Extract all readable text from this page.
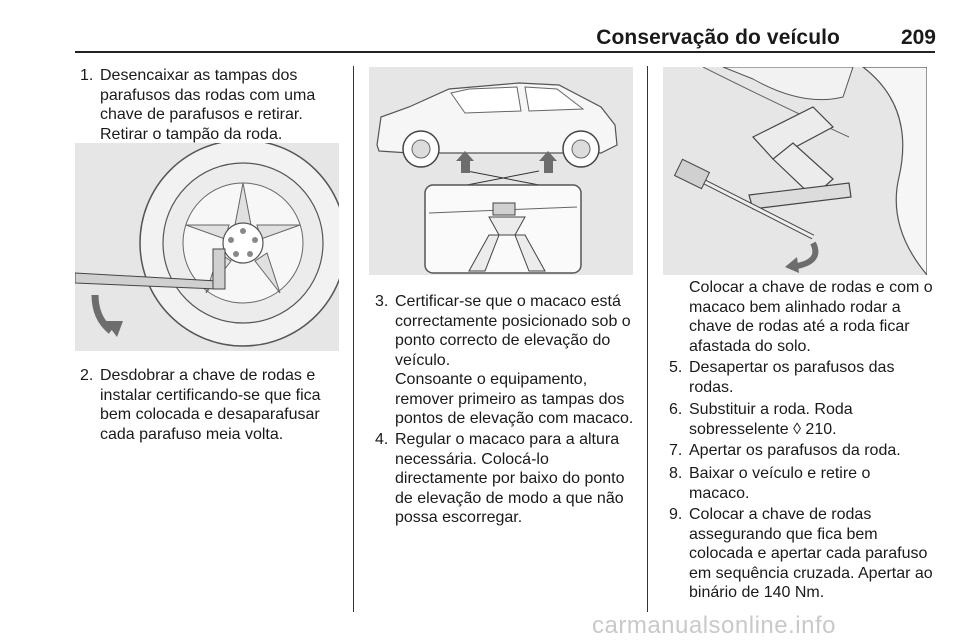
Conservação do veículo	209
1. Desencaixar as tampas dos parafusos das rodas com uma chave de parafusos e retirar. Retirar o tampão da roda.
2. Desdobrar a chave de rodas e instalar certificando-se que fica bem colocada e desaparafusar cada parafuso meia volta.
3. Certificar-se que o macaco está correctamente posicionado sob o ponto correcto de elevação do veículo.
Consoante o equipamento, remover primeiro as tampas dos pontos de elevação com macaco.
4. Regular o macaco para a altura necessária. Colocá-lo directamente por baixo do ponto de elevação de modo a que não possa escorregar.
Colocar a chave de rodas e com o macaco bem alinhado rodar a chave de rodas até a roda ficar afastada do solo.
5. Desapertar os parafusos das rodas.
6. Substituir a roda. Roda sobresselente ◊ 210.
7. Apertar os parafusos da roda.
8. Baixar o veículo e retire o macaco.
9. Colocar a chave de rodas assegurando que fica bem colocada e apertar cada parafuso em sequência cruzada. Apertar ao binário de 140 Nm.
carmanualsonline.info
